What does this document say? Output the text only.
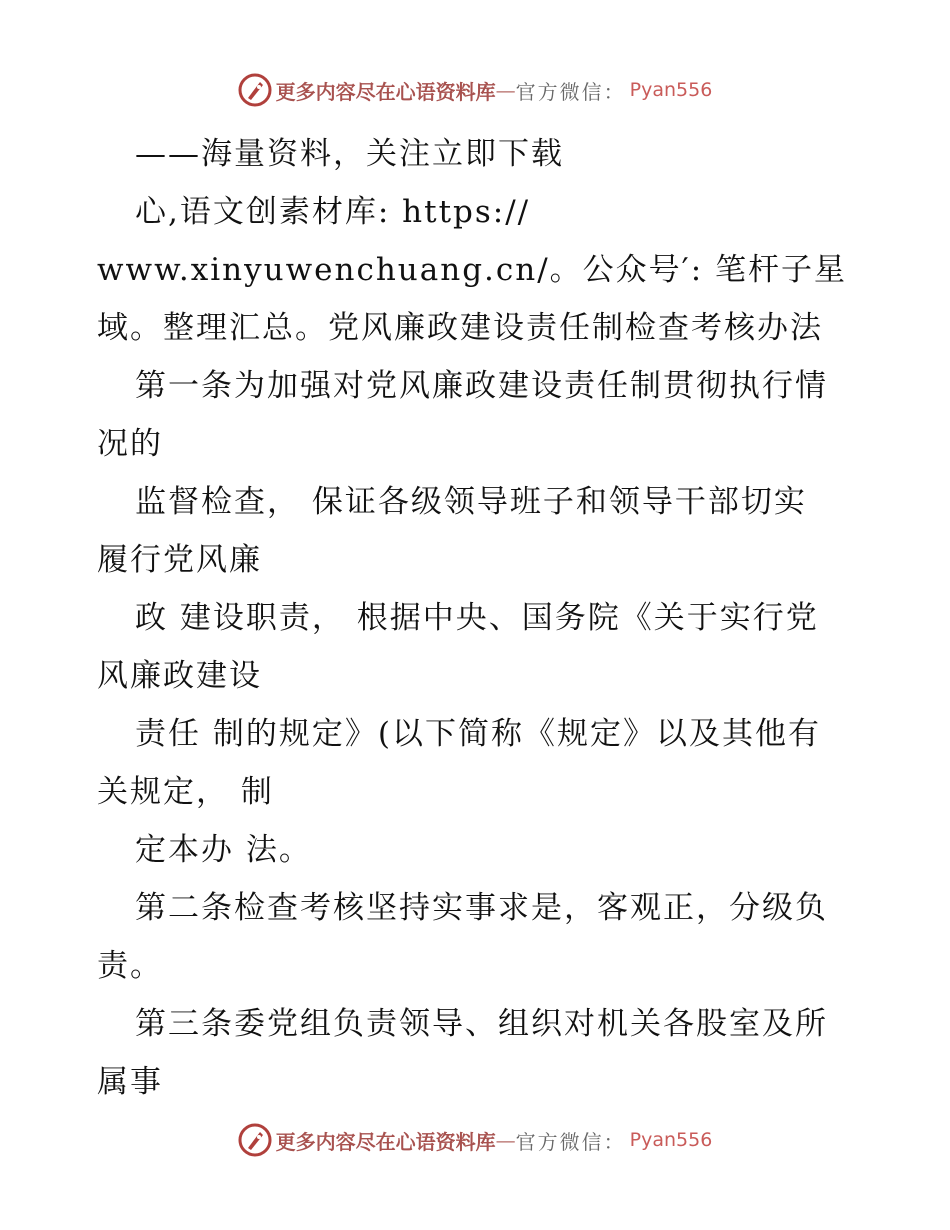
更多内容尽在心语资料库 — 官方微信： Pyan556
——海量资料，关注立即下载
心,语文创素材库: https://
www.xinyuwenchuang.cn/。公众号′: 笔杆子星
域。整理汇总。党风廉政建设责任制检查考核办法
第一条为加强对党风廉政建设责任制贯彻执行情
况的
监督检查， 保证各级领导班子和领导干部切实
履行党风廉
政 建设职责， 根据中央、国务院《关于实行党
风廉政建设
责任 制的规定》(以下简称《规定》以及其他有
关规定， 制
定本办 法。
第二条检查考核坚持实事求是，客观正，分级负
责。
第三条委党组负责领导、组织对机关各股室及所
属事
更多内容尽在心语资料库 — 官方微信： Pyan556
